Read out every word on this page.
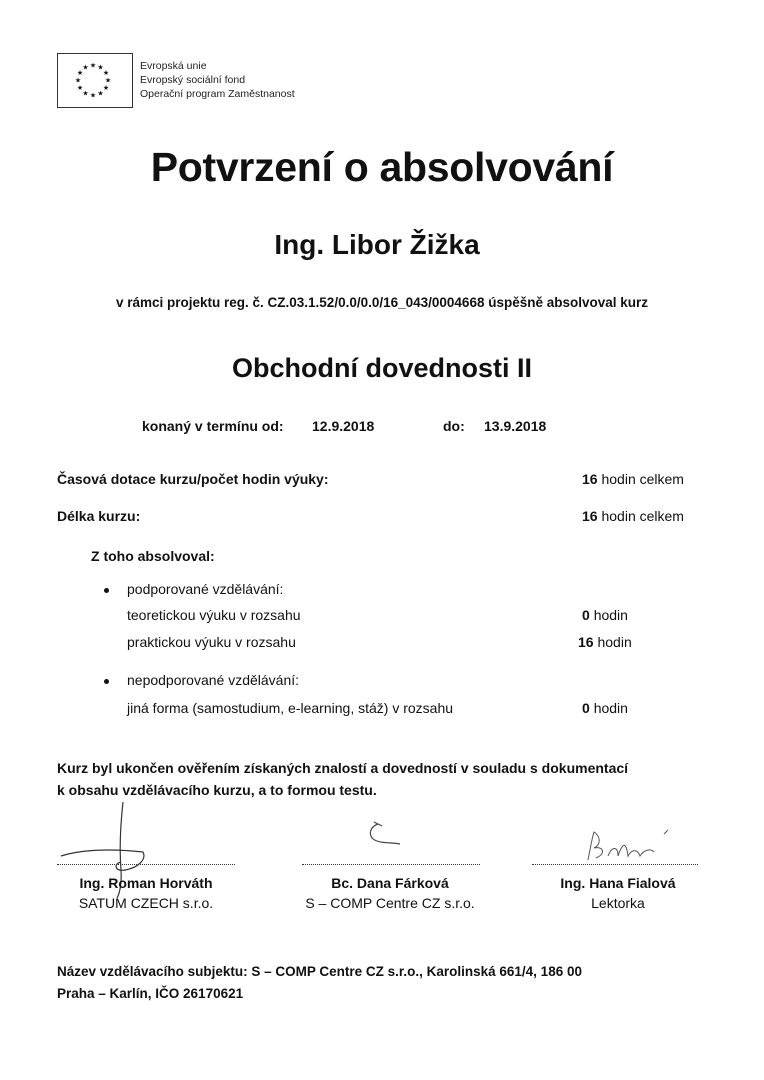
★ ★
★
★
★
★
★
★
★
★
★
★	Evropská unie
Evropský sociální fond
Operační program Zaměstnanost
Potvrzení o absolvování
Ing. Libor Žižka
v rámci projektu reg. č. CZ.03.1.52/0.0/0.0/16_043/0004668 úspěšně absolvoval kurz
Obchodní dovednosti II
konaný v termínu od: 12.9.2018	do: 13.9.2018
Časová dotace kurzu/počet hodin výuky:	16 hodin celkem
Délka kurzu:	16 hodin celkem
Z toho absolvoval:
podporované vzdělávání:
teoretickou výuku v rozsahu	0 hodin
praktickou výuku v rozsahu	16 hodin
nepodporované vzdělávání:
jiná forma (samostudium, e-learning, stáž) v rozsahu	0 hodin
Kurz byl ukončen ověřením získaných znalostí a dovedností v souladu s dokumentací
k obsahu vzdělávacího kurzu, a to formou testu.
Ing. Roman Horváth
SATUM CZECH s.r.o.
Bc. Dana Fárková
S – COMP Centre CZ s.r.o.
Ing. Hana Fialová
Lektorka
Název vzdělávacího subjektu: S – COMP Centre CZ s.r.o., Karolinská 661/4, 186 00
Praha – Karlín, IČO 26170621
